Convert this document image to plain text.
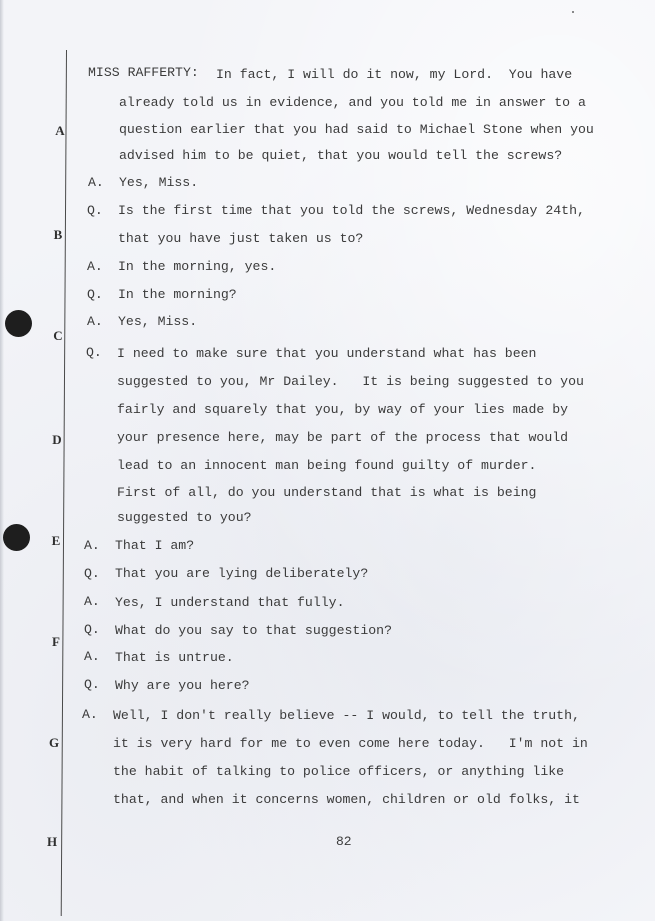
A
B
C
D
E
F
G
H
MISS RAFFERTY: In fact, I will do it now, my Lord.  You have
already told us in evidence, and you told me in answer to a
question earlier that you had said to Michael Stone when you
advised him to be quiet, that you would tell the screws?
A. Yes, Miss.
Q. Is the first time that you told the screws, Wednesday 24th,
that you have just taken us to?
A. In the morning, yes.
Q. In the morning?
A. Yes, Miss.
Q. I need to make sure that you understand what has been
suggested to you, Mr Dailey.   It is being suggested to you
fairly and squarely that you, by way of your lies made by
your presence here, may be part of the process that would
lead to an innocent man being found guilty of murder.
First of all, do you understand that is what is being
suggested to you?
A. That I am?
Q. That you are lying deliberately?
A. Yes, I understand that fully.
Q. What do you say to that suggestion?
A. That is untrue.
Q. Why are you here?
A. Well, I don't really believe -- I would, to tell the truth,
it is very hard for me to even come here today.   I'm not in
the habit of talking to police officers, or anything like
that, and when it concerns women, children or old folks, it
82
